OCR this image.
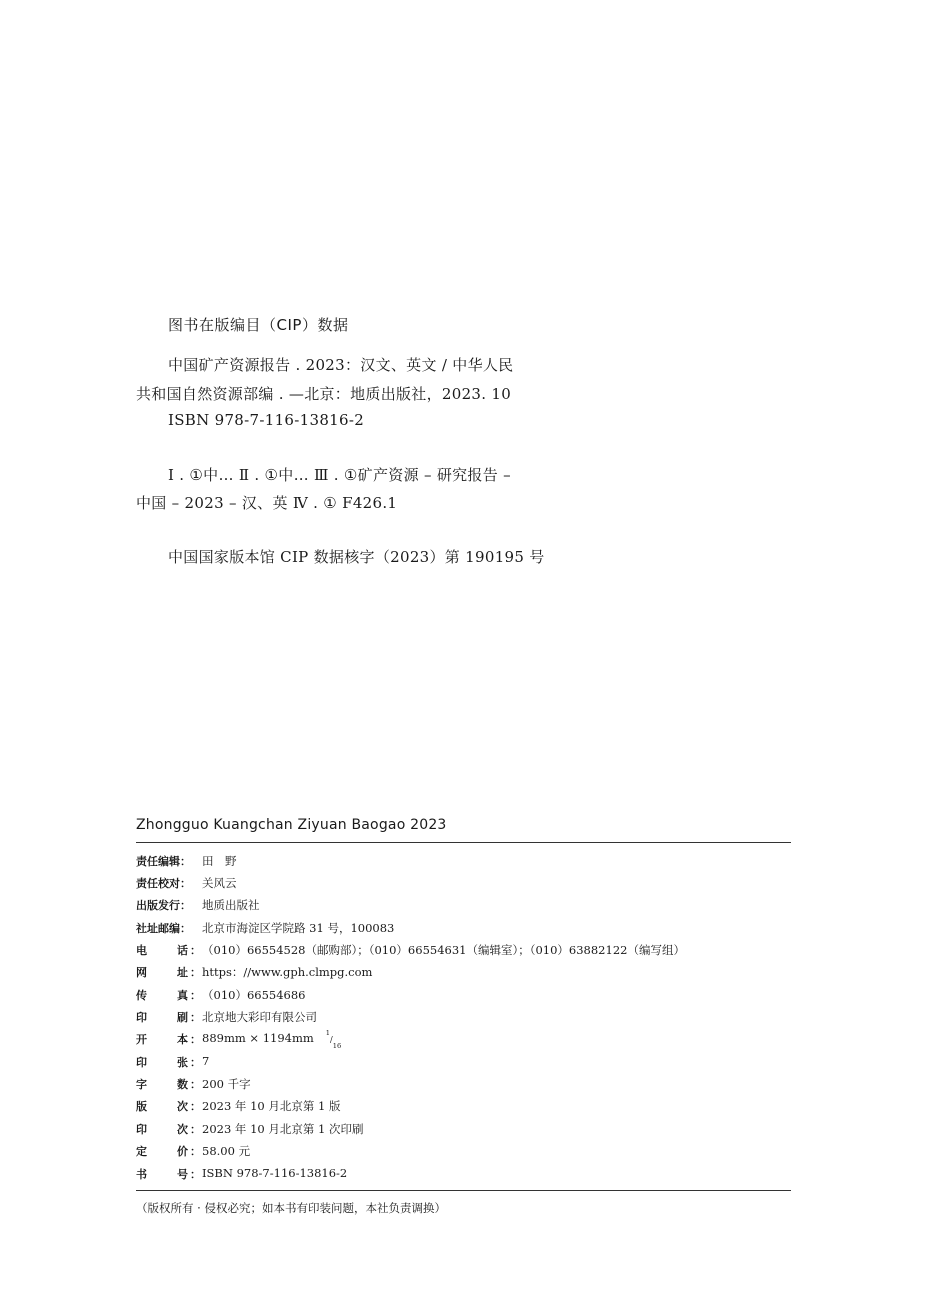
图书在版编目（CIP）数据
中国矿产资源报告 . 2023：汉文、英文 / 中华人民
共和国自然资源部编 . —北京：地质出版社，2023. 10
ISBN 978-7-116-13816-2
Ⅰ . ①中… Ⅱ . ①中… Ⅲ . ①矿产资源 – 研究报告 –
中国 – 2023 – 汉、英 Ⅳ . ① F426.1
中国国家版本馆 CIP 数据核字（2023）第 190195 号
Zhongguo Kuangchan Ziyuan Baogao 2023
责任编辑： 田　野
责任校对： 关风云
出版发行： 地质出版社
社址邮编： 北京市海淀区学院路 31 号，100083
电	话 ： （010）66554528（邮购部）；（010）66554631（编辑室）；（010）63882122（编写组）
网	址 ： https：//www.gph.clmpg.com
传	真 ： （010）66554686
印	刷 ： 北京地大彩印有限公司
开	本 ： 889mm × 1194mm $^1/_{16}$
印	张 ： 7
字	数 ： 200 千字
版	次 ： 2023 年 10 月北京第 1 版
印	次 ： 2023 年 10 月北京第 1 次印刷
定	价 ： 58.00 元
书	号 ： ISBN 978-7-116-13816-2
（版权所有 · 侵权必究；如本书有印装问题，本社负责调换）
